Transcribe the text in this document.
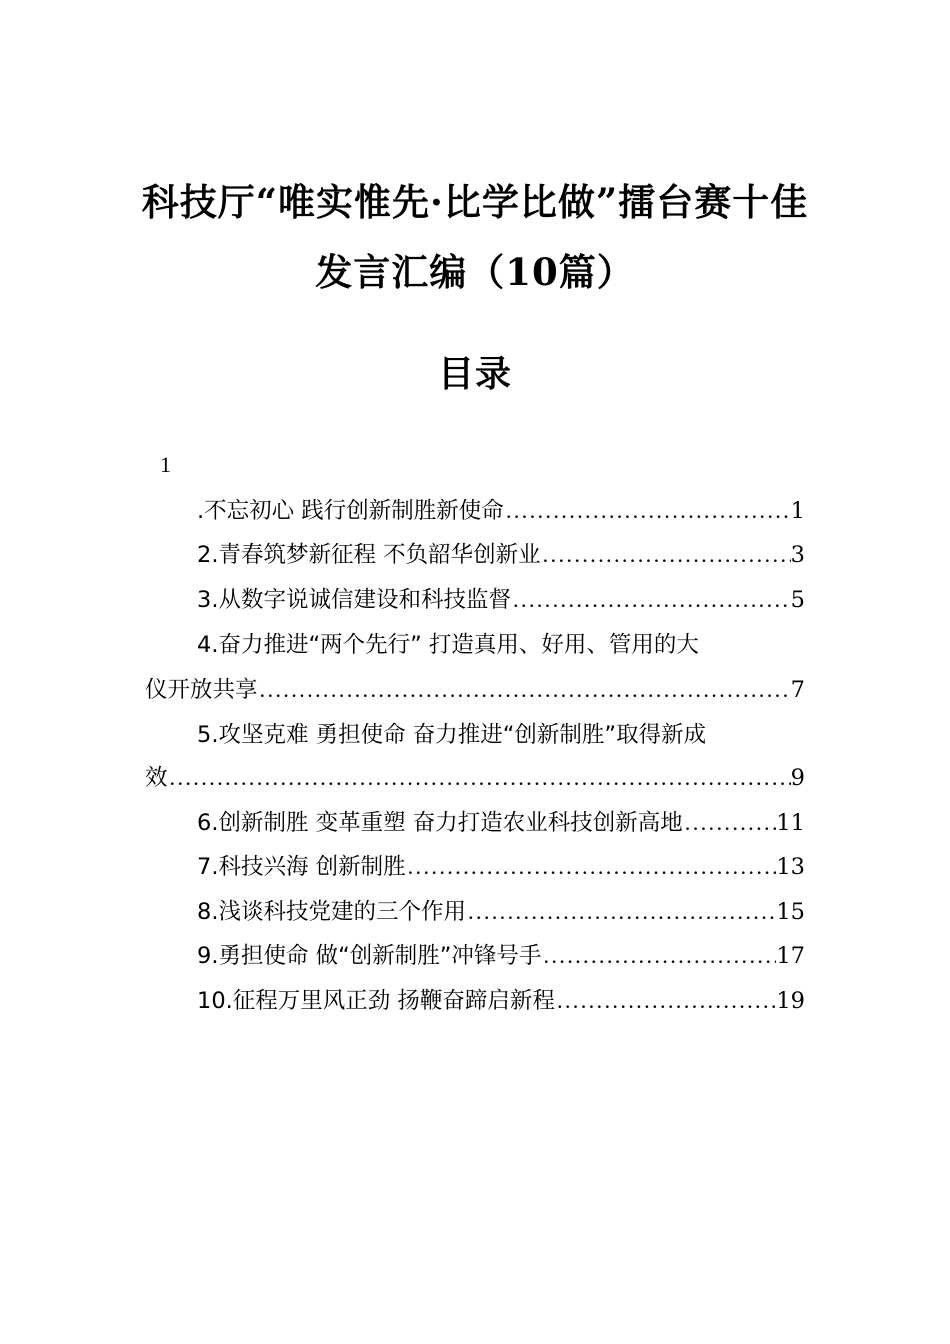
科技厅“唯实惟先·比学比做”擂台赛十佳
发言汇编（10篇）
目录
1
.不忘初心 践行创新制胜新使命 .....	1
2.青春筑梦新征程 不负韶华创新业 .....	3
3.从数字说诚信建设和科技监督 .....	5
4.奋力推进“两个先行” 打造真用、好用、管用的大
仪开放共享 .....	7
5.攻坚克难 勇担使命 奋力推进“创新制胜”取得新成
效 .....	9
6.创新制胜 变革重塑 奋力打造农业科技创新高地 .....	11
7.科技兴海 创新制胜 .....	13
8.浅谈科技党建的三个作用 .....	15
9.勇担使命 做“创新制胜”冲锋号手 .....	17
10.征程万里风正劲 扬鞭奋蹄启新程 .....	19
